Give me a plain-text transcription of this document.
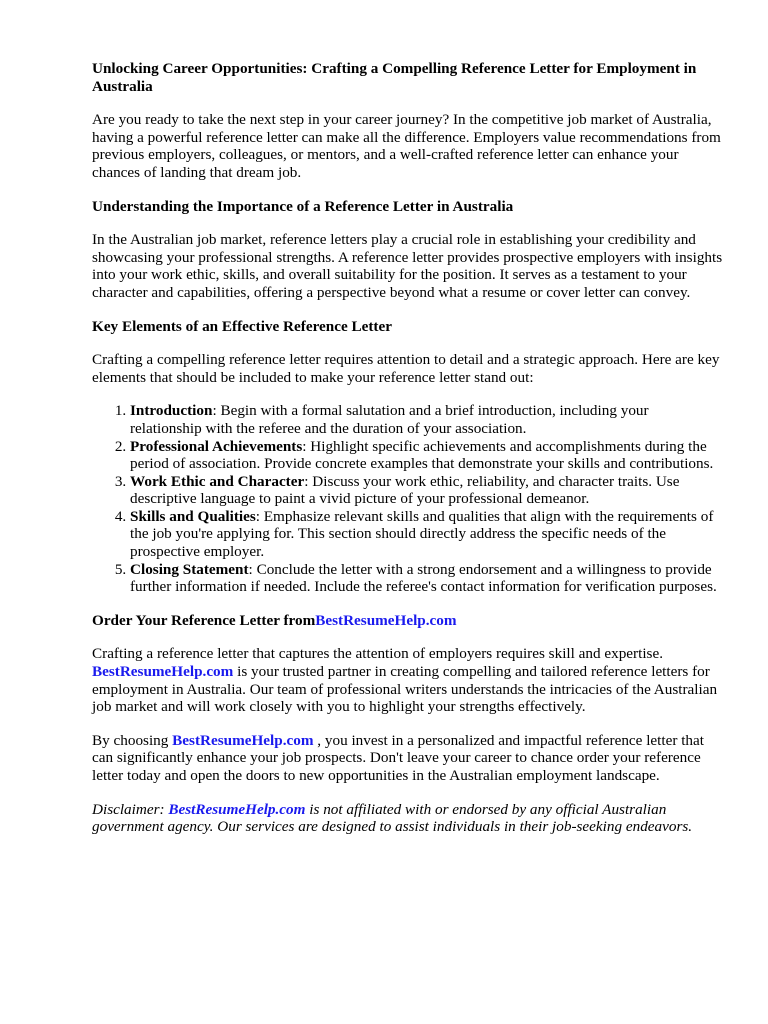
Unlocking Career Opportunities: Crafting a Compelling Reference Letter for Employment in Australia

Are you ready to take the next step in your career journey? In the competitive job market of Australia, having a powerful reference letter can make all the difference. Employers value recommendations from previous employers, colleagues, or mentors, and a well-crafted reference letter can enhance your chances of landing that dream job.

Understanding the Importance of a Reference Letter in Australia

In the Australian job market, reference letters play a crucial role in establishing your credibility and showcasing your professional strengths. A reference letter provides prospective employers with insights into your work ethic, skills, and overall suitability for the position. It serves as a testament to your character and capabilities, offering a perspective beyond what a resume or cover letter can convey.

Key Elements of an Effective Reference Letter

Crafting a compelling reference letter requires attention to detail and a strategic approach. Here are key elements that should be included to make your reference letter stand out:

1. Introduction: Begin with a formal salutation and a brief introduction, including your relationship with the referee and the duration of your association.
2. Professional Achievements: Highlight specific achievements and accomplishments during the period of association. Provide concrete examples that demonstrate your skills and contributions.
3. Work Ethic and Character: Discuss your work ethic, reliability, and character traits. Use descriptive language to paint a vivid picture of your professional demeanor.
4. Skills and Qualities: Emphasize relevant skills and qualities that align with the requirements of the job you're applying for. This section should directly address the specific needs of the prospective employer.
5. Closing Statement: Conclude the letter with a strong endorsement and a willingness to provide further information if needed. Include the referee's contact information for verification purposes.
Order Your Reference Letter fromBestResumeHelp.com

Crafting a reference letter that captures the attention of employers requires skill and expertise.
BestResumeHelp.com is your trusted partner in creating compelling and tailored reference letters for employment in Australia. Our team of professional writers understands the intricacies of the Australian job market and will work closely with you to highlight your strengths effectively.

By choosing BestResumeHelp.com , you invest in a personalized and impactful reference letter that can significantly enhance your job prospects. Don't leave your career to chance order your reference letter today and open the doors to new opportunities in the Australian employment landscape.

Disclaimer: BestResumeHelp.com is not affiliated with or endorsed by any official Australian government agency. Our services are designed to assist individuals in their job-seeking endeavors.
